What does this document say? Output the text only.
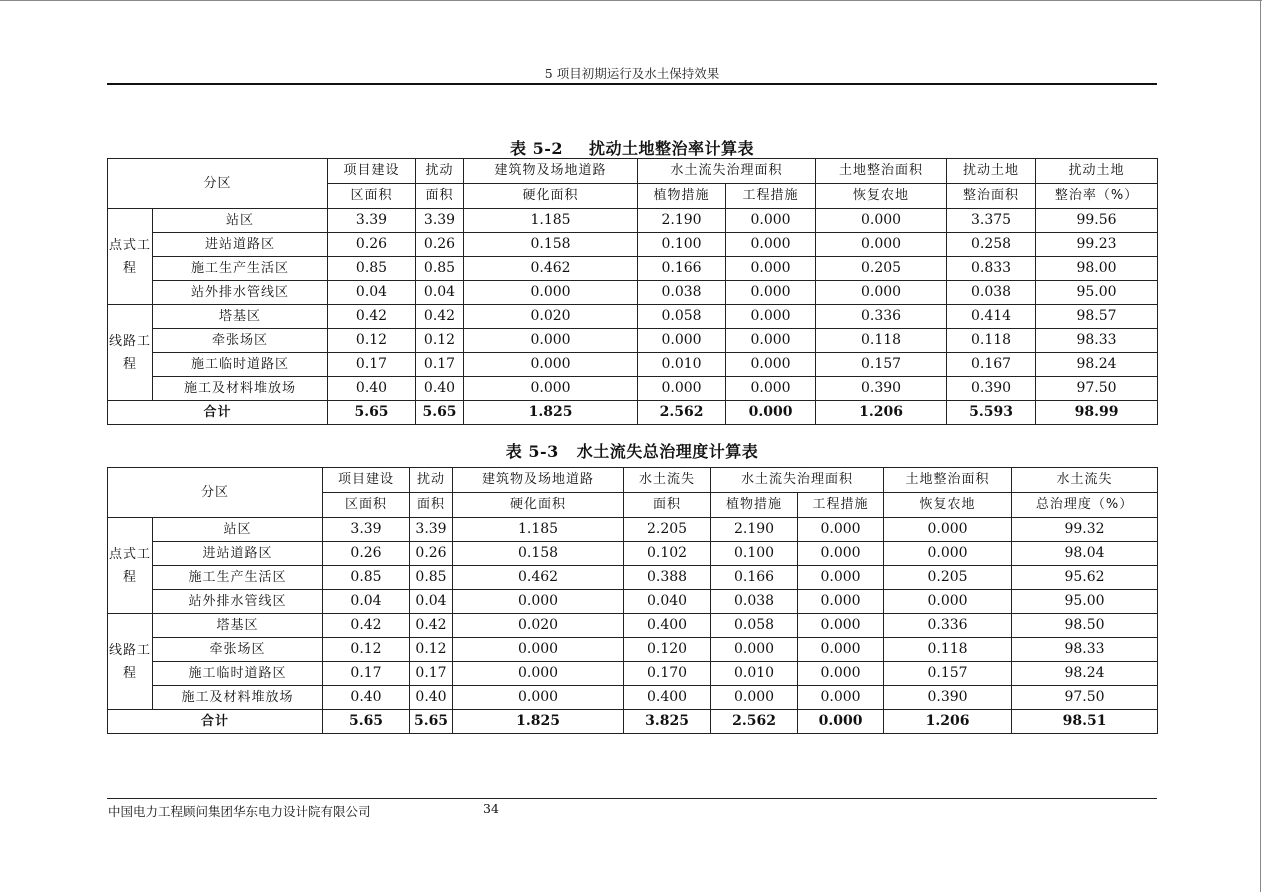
5 项目初期运行及水土保持效果
表 5-2 扰动土地整治率计算表
分区		项目建设	扰动	建筑物及场地道路	水土流失治理面积		土地整治面积	扰动土地	扰动土地
		区面积	面积	硬化面积	植物措施	工程措施	恢复农地	整治面积	整治率（%）
点式工程	站区	3.39	3.39	1.185	2.190	0.000	0.000	3.375	99.56
	进站道路区	0.26	0.26	0.158	0.100	0.000	0.000	0.258	99.23
	施工生产生活区	0.85	0.85	0.462	0.166	0.000	0.205	0.833	98.00
	站外排水管线区	0.04	0.04	0.000	0.038	0.000	0.000	0.038	95.00
线路工程	塔基区	0.42	0.42	0.020	0.058	0.000	0.336	0.414	98.57
	牵张场区	0.12	0.12	0.000	0.000	0.000	0.118	0.118	98.33
	施工临时道路区	0.17	0.17	0.000	0.010	0.000	0.157	0.167	98.24
	施工及材料堆放场	0.40	0.40	0.000	0.000	0.000	0.390	0.390	97.50
合计		5.65	5.65	1.825	2.562	0.000	1.206	5.593	98.99
表 5-3 水土流失总治理度计算表
分区		项目建设	扰动	建筑物及场地道路	水土流失	水土流失治理面积		土地整治面积	水土流失
		区面积	面积	硬化面积	面积	植物措施	工程措施	恢复农地	总治理度（%）
点式工程	站区	3.39	3.39	1.185	2.205	2.190	0.000	0.000	99.32
	进站道路区	0.26	0.26	0.158	0.102	0.100	0.000	0.000	98.04
	施工生产生活区	0.85	0.85	0.462	0.388	0.166	0.000	0.205	95.62
	站外排水管线区	0.04	0.04	0.000	0.040	0.038	0.000	0.000	95.00
线路工程	塔基区	0.42	0.42	0.020	0.400	0.058	0.000	0.336	98.50
	牵张场区	0.12	0.12	0.000	0.120	0.000	0.000	0.118	98.33
	施工临时道路区	0.17	0.17	0.000	0.170	0.010	0.000	0.157	98.24
	施工及材料堆放场	0.40	0.40	0.000	0.400	0.000	0.000	0.390	97.50
合计		5.65	5.65	1.825	3.825	2.562	0.000	1.206	98.51
中国电力工程顾问集团华东电力设计院有限公司	34
